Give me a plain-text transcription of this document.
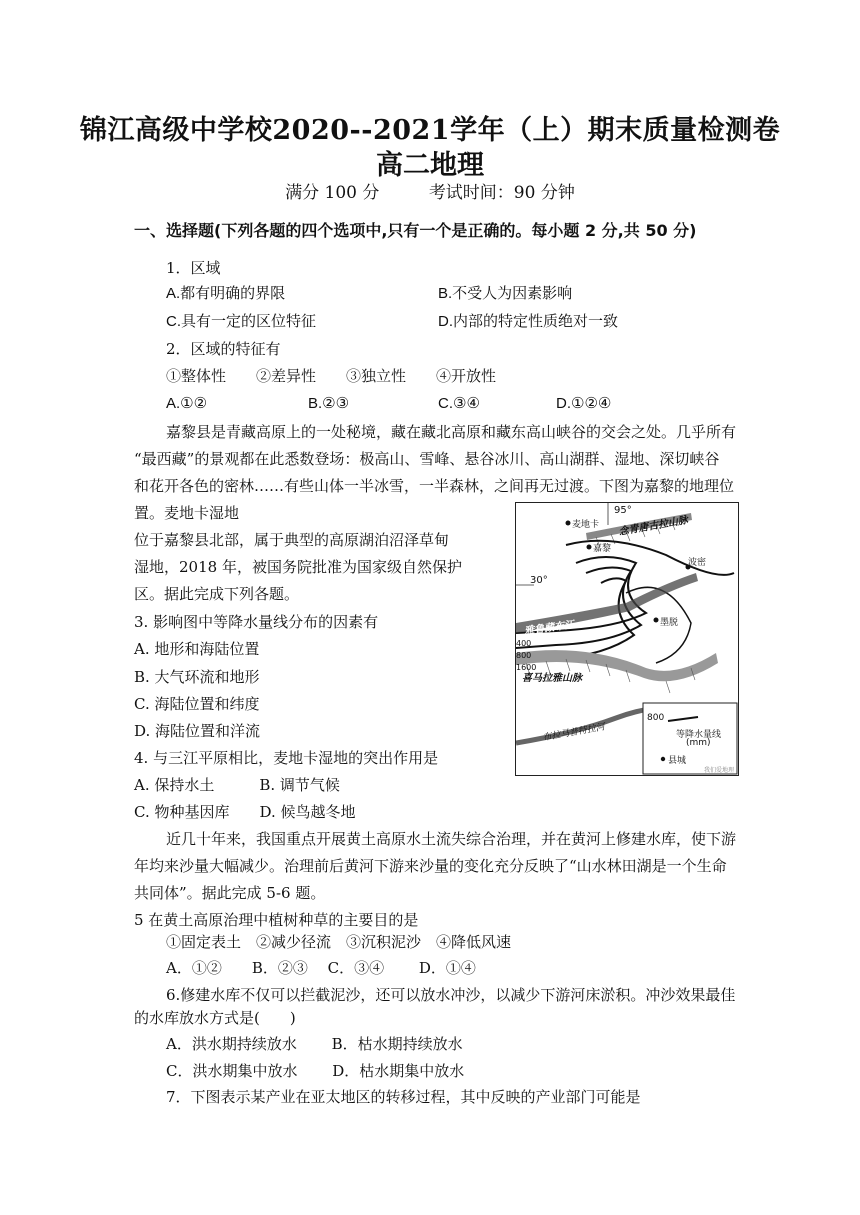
锦江高级中学校2020--2021学年（上）期末质量检测卷
高二地理
满分 100 分	考试时间：90 分钟
一、选择题(下列各题的四个选项中,只有一个是正确的。每小题 2 分,共 50 分)
1．区域
A.都有明确的界限	B.不受人为因素影响
C.具有一定的区位特征	D.内部的特定性质绝对一致
2．区域的特征有
①整体性　　②差异性　　③独立性　　④开放性
A.①②	B.②③	C.③④	D.①②④
嘉黎县是青藏高原上的一处秘境，藏在藏北高原和藏东高山峡谷的交会之处。几乎所有
“最西藏”的景观都在此悉数登场：极高山、雪峰、悬谷冰川、高山湖群、湿地、深切峡谷
和花开各色的密林……有些山体一半冰雪，一半森林，之间再无过渡。下图为嘉黎的地理位
置。麦地卡湿地
位于嘉黎县北部，属于典型的高原湖泊沼泽草甸
湿地，2018 年，被国务院批准为国家级自然保护
区。据此完成下列各题。
3. 影响图中等降水量线分布的因素有
A. 地形和海陆位置
B. 大气环流和地形
C. 海陆位置和纬度
D. 海陆位置和洋流
4. 与三江平原相比，麦地卡湿地的突出作用是
A. 保持水土　　　B. 调节气候
C. 物种基因库　　D. 候鸟越冬地
近几十年来，我国重点开展黄土高原水土流失综合治理，并在黄河上修建水库，使下游
年均来沙量大幅减少。治理前后黄河下游来沙量的变化充分反映了“山水林田湖是一个生命
共同体”。据此完成 5-6 题。
5 在黄土高原治理中植树种草的主要目的是
①固定表土　②减少径流　③沉积泥沙　④降低风速
A．①②　　B．②③　 C．③④　　 D．①④
6.修建水库不仅可以拦截泥沙，还可以放水冲沙，以减少下游河床淤积。冲沙效果最佳
的水库放水方式是(　　)
A．洪水期持续放水　　 B．枯水期持续放水
C．洪水期集中放水　　 D．枯水期集中放水
7．下图表示某产业在亚太地区的转移过程，其中反映的产业部门可能是
95°
30°
麦地卡
嘉黎
波密
墨脱
念青唐古拉山脉
雅鲁藏布江
400
800
1600
喜马拉雅山脉
布拉马普特拉河
800
等降水量线
(mm)
县城
我们爱地理
